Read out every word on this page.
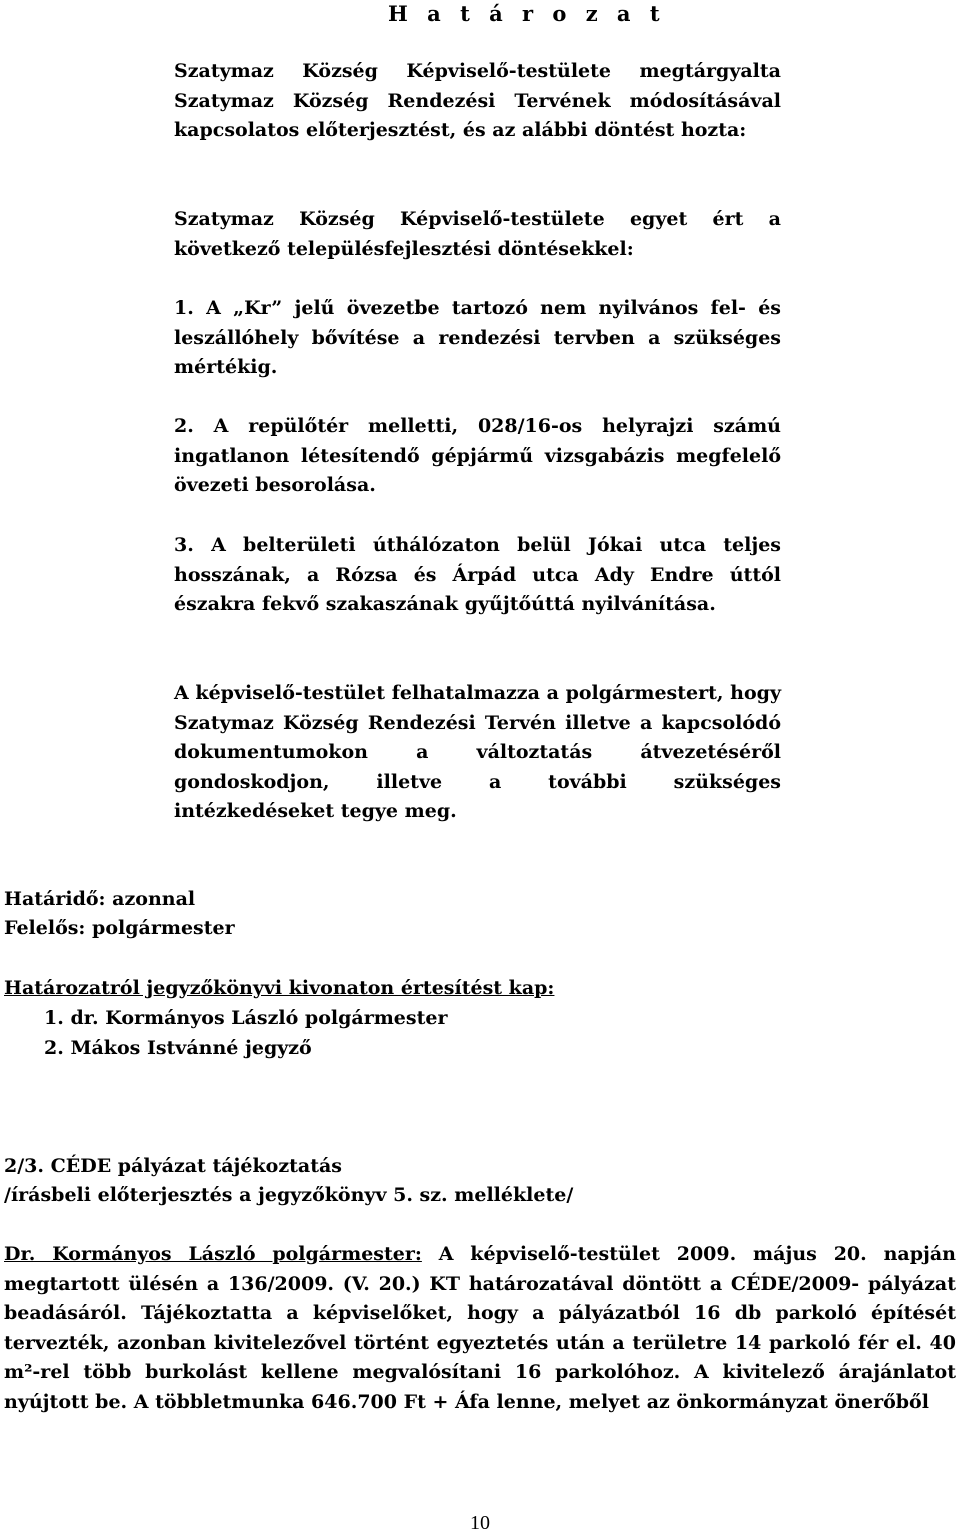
H a t á r o z a t
Szatymaz Község Képviselő-testülete megtárgyalta Szatymaz Község Rendezési Tervének módosításával kapcsolatos előterjesztést, és az alábbi döntést hozta:
Szatymaz Község Képviselő-testülete egyet ért a következő településfejlesztési döntésekkel:
1. A „Kr” jelű övezetbe tartozó nem nyilvános fel- és leszállóhely bővítése a rendezési tervben a szükséges mértékig.
2. A repülőtér melletti, 028/16-os helyrajzi számú ingatlanon létesítendő gépjármű vizsgabázis megfelelő övezeti besorolása.
3. A belterületi úthálózaton belül Jókai utca teljes hosszának, a Rózsa és Árpád utca Ady Endre úttól északra fekvő szakaszának gyűjtőúttá nyilvánítása.
A képviselő-testület felhatalmazza a polgármestert, hogy Szatymaz Község Rendezési Tervén illetve a kapcsolódó dokumentumokon a változtatás átvezetéséről gondoskodjon, illetve a további szükséges intézkedéseket tegye meg.
Határidő: azonnal
Felelős: polgármester
Határozatról jegyzőkönyvi kivonaton értesítést kap:
1. dr. Kormányos László polgármester
2. Mákos Istvánné jegyző
2/3. CÉDE pályázat tájékoztatás
/írásbeli előterjesztés a jegyzőkönyv 5. sz. melléklete/
Dr. Kormányos László polgármester: A képviselő-testület 2009. május 20. napján megtartott ülésén a 136/2009. (V. 20.) KT határozatával döntött a CÉDE/2009- pályázat beadásáról. Tájékoztatta a képviselőket, hogy a pályázatból 16 db parkoló építését tervezték, azonban kivitelezővel történt egyeztetés után a területre 14 parkoló fér el. 40 m²-rel több burkolást kellene megvalósítani 16 parkolóhoz. A kivitelező árajánlatot nyújtott be. A többletmunka 646.700 Ft + Áfa lenne, melyet az önkormányzat önerőből
10
